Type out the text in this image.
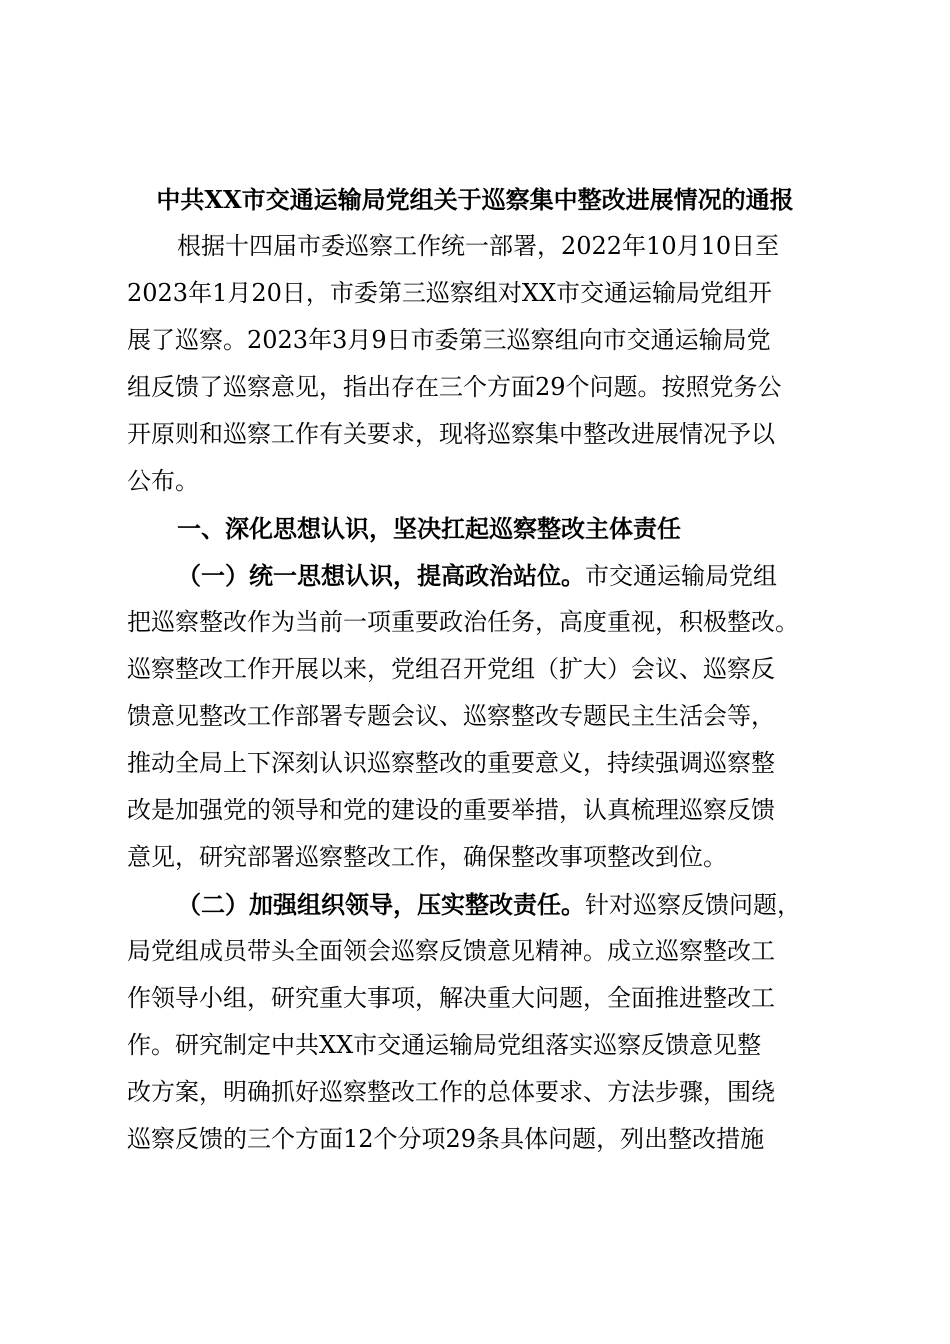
中共XX市交通运输局党组关于巡察集中整改进展情况的通报
根据十四届市委巡察工作统一部署，2022年10月10日至
2023年1月20日，市委第三巡察组对XX市交通运输局党组开
展了巡察。2023年3月9日市委第三巡察组向市交通运输局党
组反馈了巡察意见，指出存在三个方面29个问题。按照党务公
开原则和巡察工作有关要求，现将巡察集中整改进展情况予以
公布。
一、深化思想认识，坚决扛起巡察整改主体责任
（一）统一思想认识，提高政治站位。市交通运输局党组
把巡察整改作为当前一项重要政治任务，高度重视，积极整改。
巡察整改工作开展以来，党组召开党组（扩大）会议、巡察反
馈意见整改工作部署专题会议、巡察整改专题民主生活会等，
推动全局上下深刻认识巡察整改的重要意义，持续强调巡察整
改是加强党的领导和党的建设的重要举措，认真梳理巡察反馈
意见，研究部署巡察整改工作，确保整改事项整改到位。
（二）加强组织领导，压实整改责任。针对巡察反馈问题，
局党组成员带头全面领会巡察反馈意见精神。成立巡察整改工
作领导小组，研究重大事项，解决重大问题，全面推进整改工
作。研究制定中共XX市交通运输局党组落实巡察反馈意见整
改方案，明确抓好巡察整改工作的总体要求、方法步骤，围绕
巡察反馈的三个方面12个分项29条具体问题，列出整改措施
